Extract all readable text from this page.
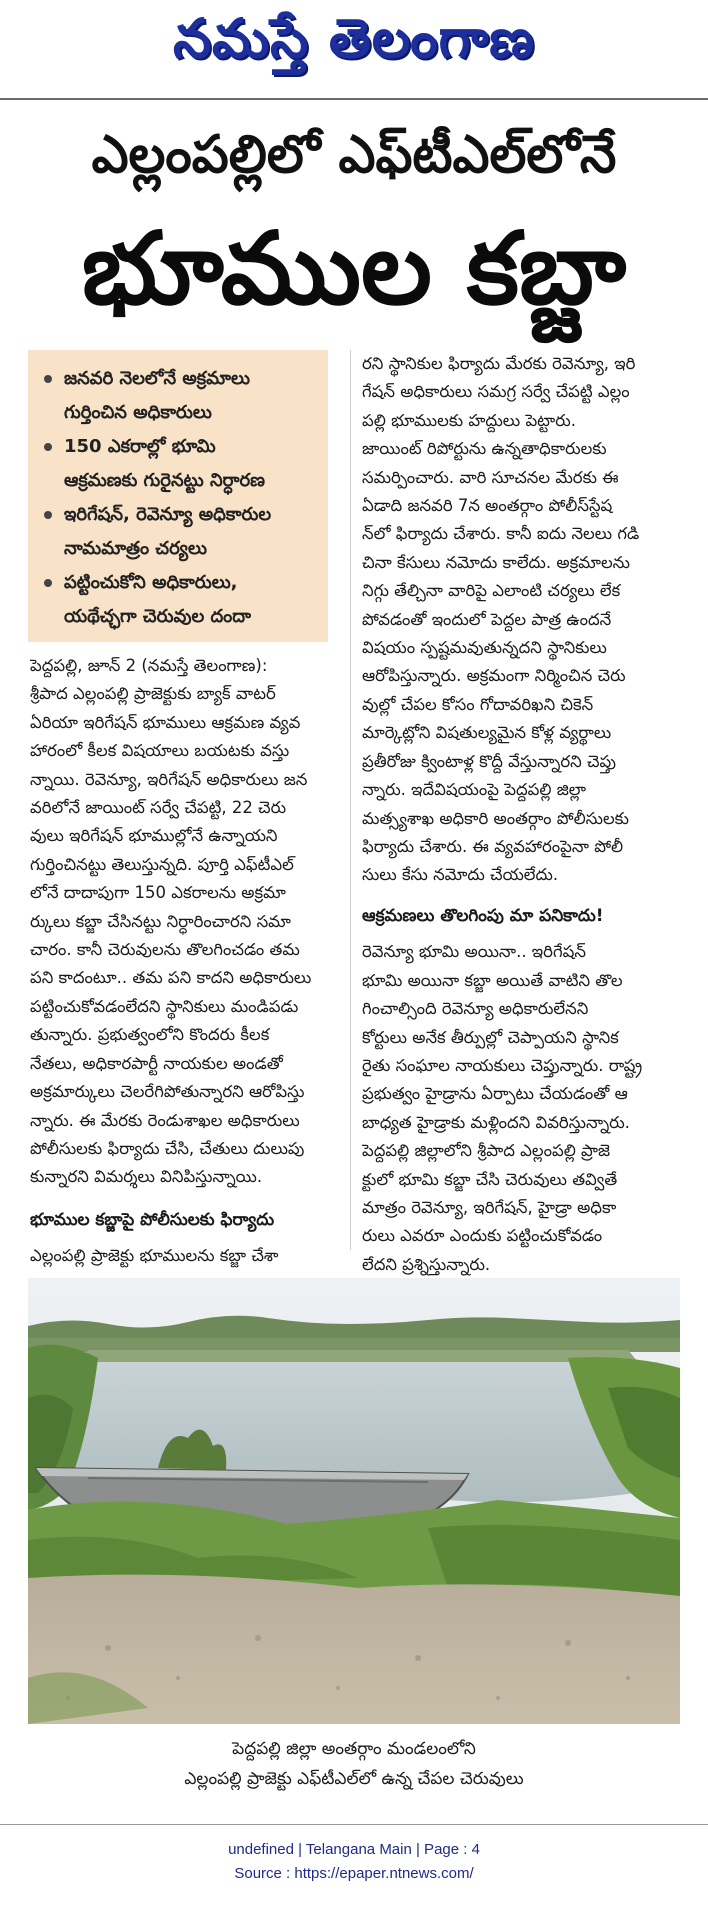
నమస్తే తెలంగాణ
ఎల్లంపల్లిలో ఎఫ్‌టీఎల్‌లోనే
భూముల కబ్జా
జనవరి నెలలోనే అక్రమాలు
గుర్తించిన అధికారులు
150 ఎకరాల్లో భూమి
ఆక్రమణకు గురైనట్టు నిర్ధారణ
ఇరిగేషన్, రెవెన్యూ అధికారుల
నామమాత్రం చర్యలు
పట్టించుకోని అధికారులు,
యథేచ్ఛగా చెరువుల దందా
పెద్దపల్లి, జూన్ 2 (నమస్తే తెలంగాణ):
శ్రీపాద ఎల్లంపల్లి ప్రాజెక్టుకు బ్యాక్ వాటర్
ఏరియా ఇరిగేషన్ భూములు ఆక్రమణ వ్యవ
హారంలో కీలక విషయాలు బయటకు వస్తు
న్నాయి. రెవెన్యూ, ఇరిగేషన్ అధికారులు జన
వరిలోనే జాయింట్ సర్వే చేపట్టి, 22 చెరు
వులు ఇరిగేషన్ భూముల్లోనే ఉన్నాయని
గుర్తించినట్టు తెలుస్తున్నది. పూర్తి ఎఫ్‌టీఎల్
లోనే దాదాపుగా 150 ఎకరాలను అక్రమా
ర్కులు కబ్జా చేసినట్టు నిర్ధారించారని సమా
చారం. కానీ చెరువులను తొలగించడం తమ
పని కాదంటూ.. తమ పని కాదని అధికారులు
పట్టించుకోవడంలేదని స్థానికులు మండిపడు
తున్నారు. ప్రభుత్వంలోని కొందరు కీలక
నేతలు, అధికారపార్టీ నాయకుల అండతో
అక్రమార్కులు చెలరేగిపోతున్నారని ఆరోపిస్తు
న్నారు. ఈ మేరకు రెండుశాఖల అధికారులు
పోలీసులకు ఫిర్యాదు చేసి, చేతులు దులుపు
కున్నారని విమర్శలు వినిపిస్తున్నాయి.
భూముల కబ్జాపై పోలీసులకు ఫిర్యాదు
ఎల్లంపల్లి ప్రాజెక్టు భూములను కబ్జా చేశా
రని స్థానికుల ఫిర్యాదు మేరకు రెవెన్యూ, ఇరి
గేషన్ అధికారులు సమగ్ర సర్వే చేపట్టి ఎల్లం
పల్లి భూములకు హద్దులు పెట్టారు.
జాయింట్ రిపోర్టును ఉన్నతాధికారులకు
సమర్పించారు. వారి సూచనల మేరకు ఈ
ఏడాది జనవరి 7న అంతర్గాం పోలీస్‌స్టేష
న్‌లో ఫిర్యాదు చేశారు. కానీ ఐదు నెలలు గడి
చినా కేసులు నమోదు కాలేదు. అక్రమాలను
నిగ్గు తేల్చినా వారిపై ఎలాంటి చర్యలు లేక
పోవడంతో ఇందులో పెద్దల పాత్ర ఉందనే
విషయం స్పష్టమవుతున్నదని స్థానికులు
ఆరోపిస్తున్నారు. అక్రమంగా నిర్మించిన చెరు
వుల్లో చేపల కోసం గోదావరిఖని చికెన్
మార్కెట్లోని విషతుల్యమైన కోళ్ల వ్యర్థాలు
ప్రతీరోజు క్వింటాళ్ల కొద్దీ వేస్తున్నారని చెప్తు
న్నారు. ఇదేవిషయంపై పెద్దపల్లి జిల్లా
మత్స్యశాఖ అధికారి అంతర్గాం పోలీసులకు
ఫిర్యాదు చేశారు. ఈ వ్యవహారంపైనా పోలీ
సులు కేసు నమోదు చేయలేదు.
ఆక్రమణలు తొలగింపు మా పనికాదు!
రెవెన్యూ భూమి అయినా.. ఇరిగేషన్
భూమి అయినా కబ్జా అయితే వాటిని తొల
గించాల్సింది రెవెన్యూ అధికారులేనని
కోర్టులు అనేక తీర్పుల్లో చెప్పాయని స్థానిక
రైతు సంఘాల నాయకులు చెప్తున్నారు. రాష్ట్ర
ప్రభుత్వం హైడ్రాను ఏర్పాటు చేయడంతో ఆ
బాధ్యత హైడ్రాకు మళ్లిందని వివరిస్తున్నారు.
పెద్దపల్లి జిల్లాలోని శ్రీపాద ఎల్లంపల్లి ప్రాజె
క్టులో భూమి కబ్జా చేసి చెరువులు తవ్వితే
మాత్రం రెవెన్యూ, ఇరిగేషన్, హైడ్రా అధికా
రులు ఎవరూ ఎందుకు పట్టించుకోవడం
లేదని ప్రశ్నిస్తున్నారు.
పెద్దపల్లి జిల్లా అంతర్గాం మండలంలోని
ఎల్లంపల్లి ప్రాజెక్టు ఎఫ్‌టీఎల్‌లో ఉన్న చేపల చెరువులు
undefined | Telangana Main | Page : 4
Source : https://epaper.ntnews.com/
